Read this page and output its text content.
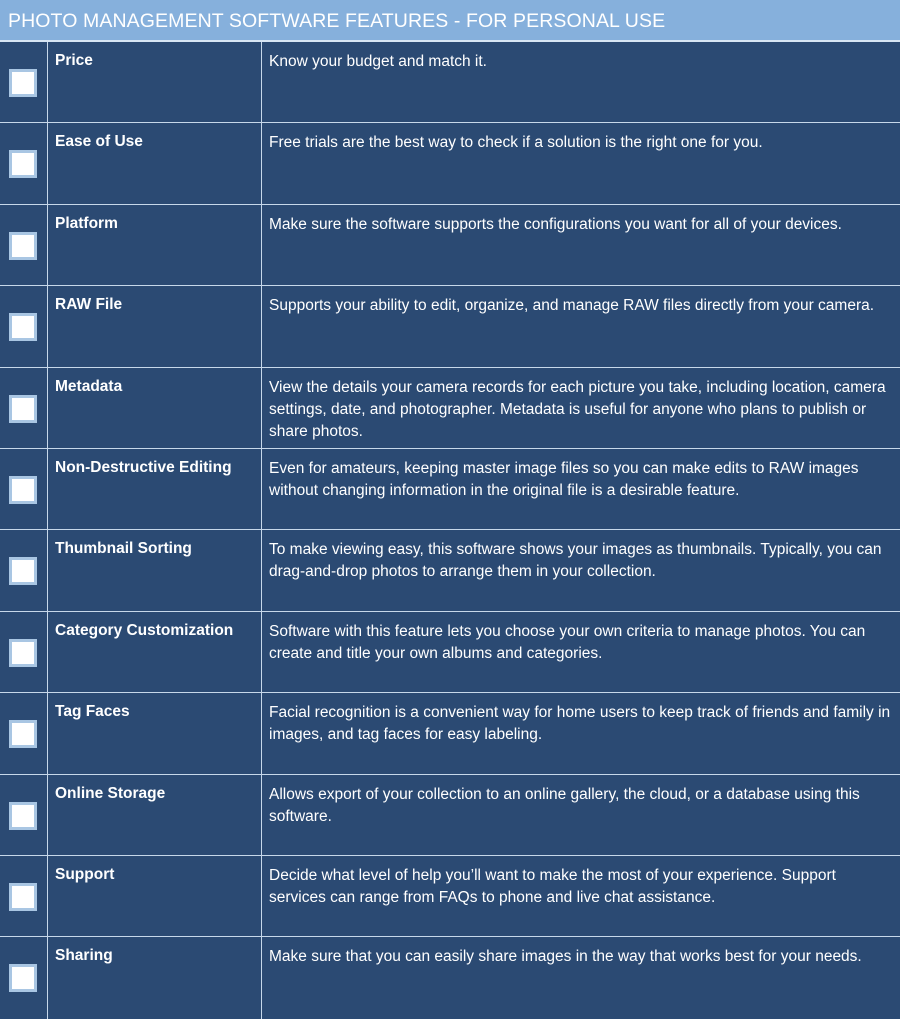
PHOTO MANAGEMENT SOFTWARE FEATURES - FOR PERSONAL USE
Price	Know your budget and match it.
Ease of Use	Free trials are the best way to check if a solution is the right one for you.
Platform	Make sure the software supports the configurations you want for all of your devices.
RAW File	Supports your ability to edit, organize, and manage RAW files directly from your camera.
Metadata	View the details your camera records for each picture you take, including location, camera settings, date, and photographer. Metadata is useful for anyone who plans to publish or share photos.
Non-Destructive Editing	Even for amateurs, keeping master image files so you can make edits to RAW images without changing information in the original file is a desirable feature.
Thumbnail Sorting	To make viewing easy, this software shows your images as thumbnails. Typically, you can drag-and-drop photos to arrange them in your collection.
Category Customization	Software with this feature lets you choose your own criteria to manage photos. You can create and title your own albums and categories.
Tag Faces	Facial recognition is a convenient way for home users to keep track of friends and family in images, and tag faces for easy labeling.
Online Storage	Allows export of your collection to an online gallery, the cloud, or a database using this software.
Support	Decide what level of help you’ll want to make the most of your experience. Support services can range from FAQs to phone and live chat assistance.
Sharing	Make sure that you can easily share images in the way that works best for your needs.
